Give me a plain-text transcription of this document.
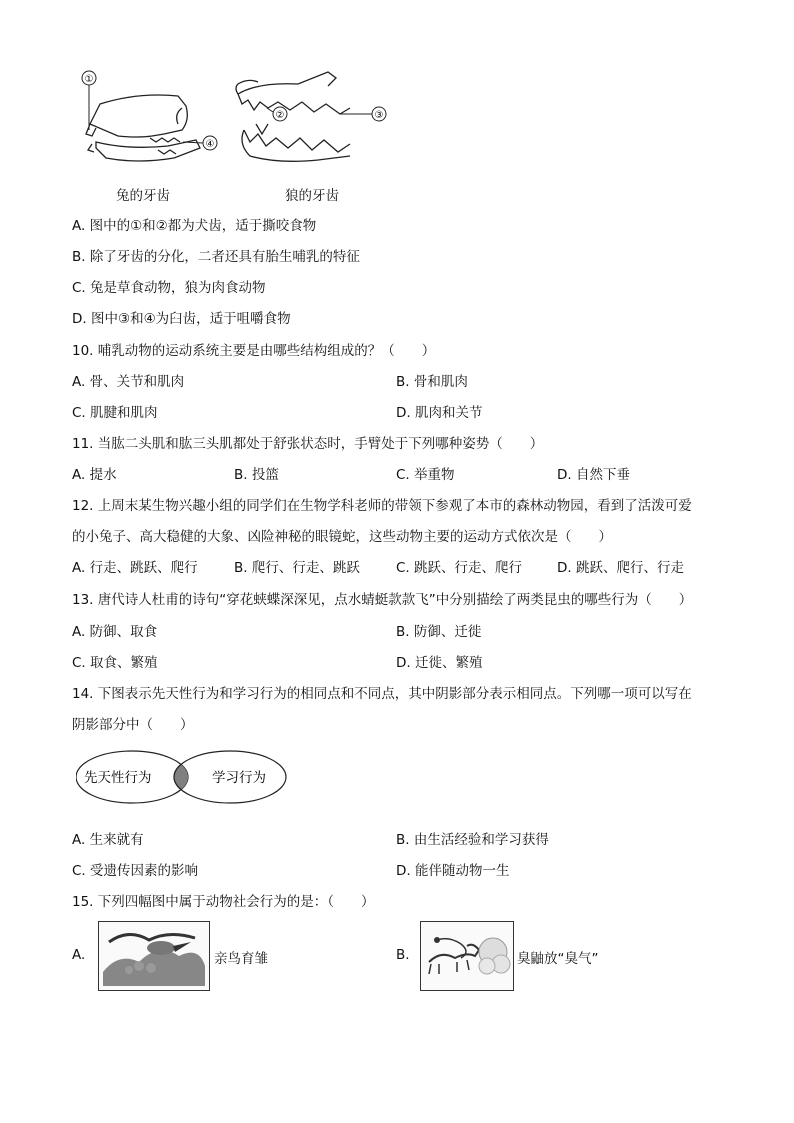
①
④
②	③
兔的牙齿	狼的牙齿
A. 图中的①和②都为犬齿，适于撕咬食物
B. 除了牙齿的分化，二者还具有胎生哺乳的特征
C. 兔是草食动物，狼为肉食动物
D. 图中③和④为臼齿，适于咀嚼食物
10. 哺乳动物的运动系统主要是由哪些结构组成的？（　　）
A. 骨、关节和肌肉	B. 骨和肌肉
C. 肌腱和肌肉	D. 肌肉和关节
11. 当肱二头肌和肱三头肌都处于舒张状态时，手臂处于下列哪种姿势（　　）
A. 提水	B. 投篮	C. 举重物	D. 自然下垂
12. 上周末某生物兴趣小组的同学们在生物学科老师的带领下参观了本市的森林动物园，看到了活泼可爱
的小兔子、高大稳健的大象、凶险神秘的眼镜蛇，这些动物主要的运动方式依次是（　　）
A. 行走、跳跃、爬行	B. 爬行、行走、跳跃	C. 跳跃、行走、爬行	D. 跳跃、爬行、行走
13. 唐代诗人杜甫的诗句“穿花蛱蝶深深见，点水蜻蜓款款飞”中分别描绘了两类昆虫的哪些行为（　　）
A. 防御、取食	B. 防御、迁徙
C. 取食、繁殖	D. 迁徙、繁殖
14. 下图表示先天性行为和学习行为的相同点和不同点，其中阴影部分表示相同点。下列哪一项可以写在
阴影部分中（　　）
先天性行为	学习行为
A. 生来就有	B. 由生活经验和学习获得
C. 受遗传因素的影响	D. 能伴随动物一生
15. 下列四幅图中属于动物社会行为的是：（　　）
A.	亲鸟育雏	B.	臭鼬放“臭气”
